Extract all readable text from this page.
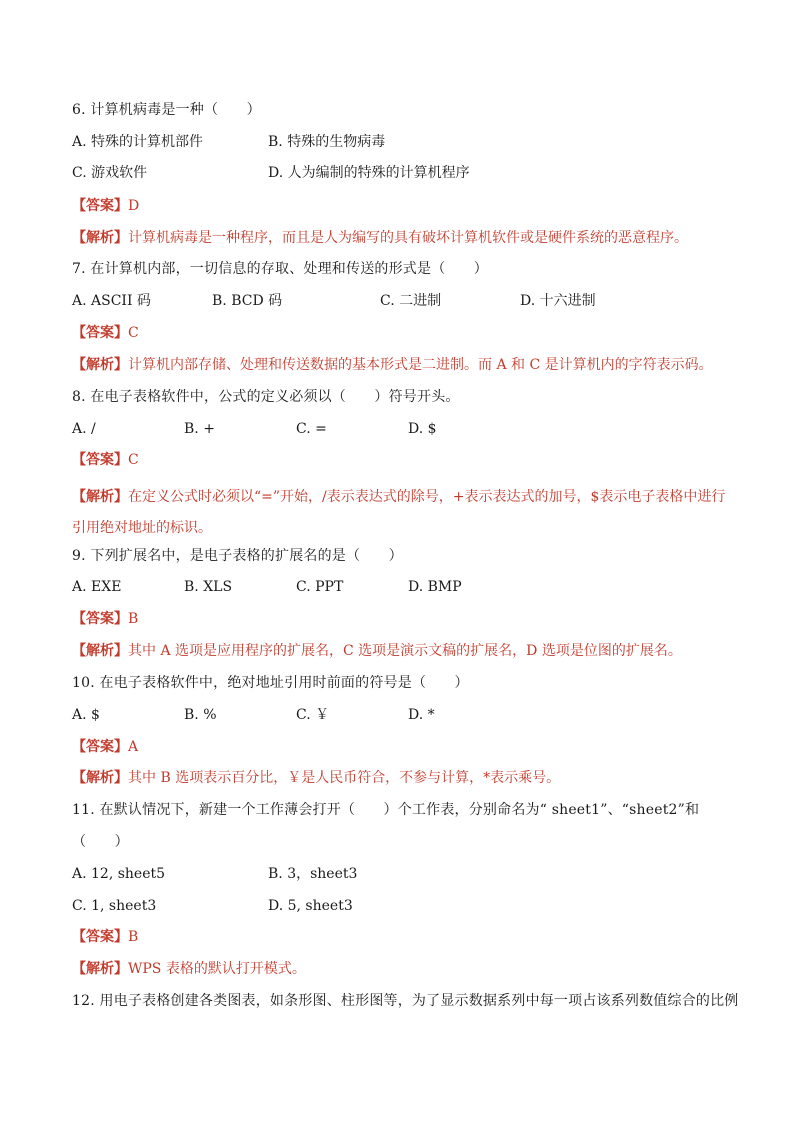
6. 计算机病毒是一种（　　）
A. 特殊的计算机部件	B. 特殊的生物病毒
C. 游戏软件	D. 人为编制的特殊的计算机程序
【答案】D
【解析】计算机病毒是一种程序，而且是人为编写的具有破坏计算机软件或是硬件系统的恶意程序。
7. 在计算机内部，一切信息的存取、处理和传送的形式是（　　）
A. ASCII 码	B. BCD 码	C. 二进制	D. 十六进制
【答案】C
【解析】计算机内部存储、处理和传送数据的基本形式是二进制。而 A 和 C 是计算机内的字符表示码。
8. 在电子表格软件中，公式的定义必须以（　　）符号开头。
A. /	B. +	C. =	D. $
【答案】C
【解析】在定义公式时必须以“=”开始，/表示表达式的除号，+表示表达式的加号，$表示电子表格中进行引用绝对地址的标识。
9. 下列扩展名中，是电子表格的扩展名的是（　　）
A. EXE	B. XLS	C. PPT	D. BMP
【答案】B
【解析】其中 A 选项是应用程序的扩展名，C 选项是演示文稿的扩展名，D 选项是位图的扩展名。
10. 在电子表格软件中，绝对地址引用时前面的符号是（　　）
A. $	B. %	C. ￥	D. *
【答案】A
【解析】其中 B 选项表示百分比，￥是人民币符合，不参与计算，*表示乘号。
11. 在默认情况下，新建一个工作薄会打开（　　）个工作表，分别命名为“ sheet1”、“sheet2”和
（　　）
A. 12, sheet5	B. 3，sheet3
C. 1, sheet3	D. 5, sheet3
【答案】B
【解析】WPS 表格的默认打开模式。
12. 用电子表格创建各类图表，如条形图、柱形图等，为了显示数据系列中每一项占该系列数值综合的比例
